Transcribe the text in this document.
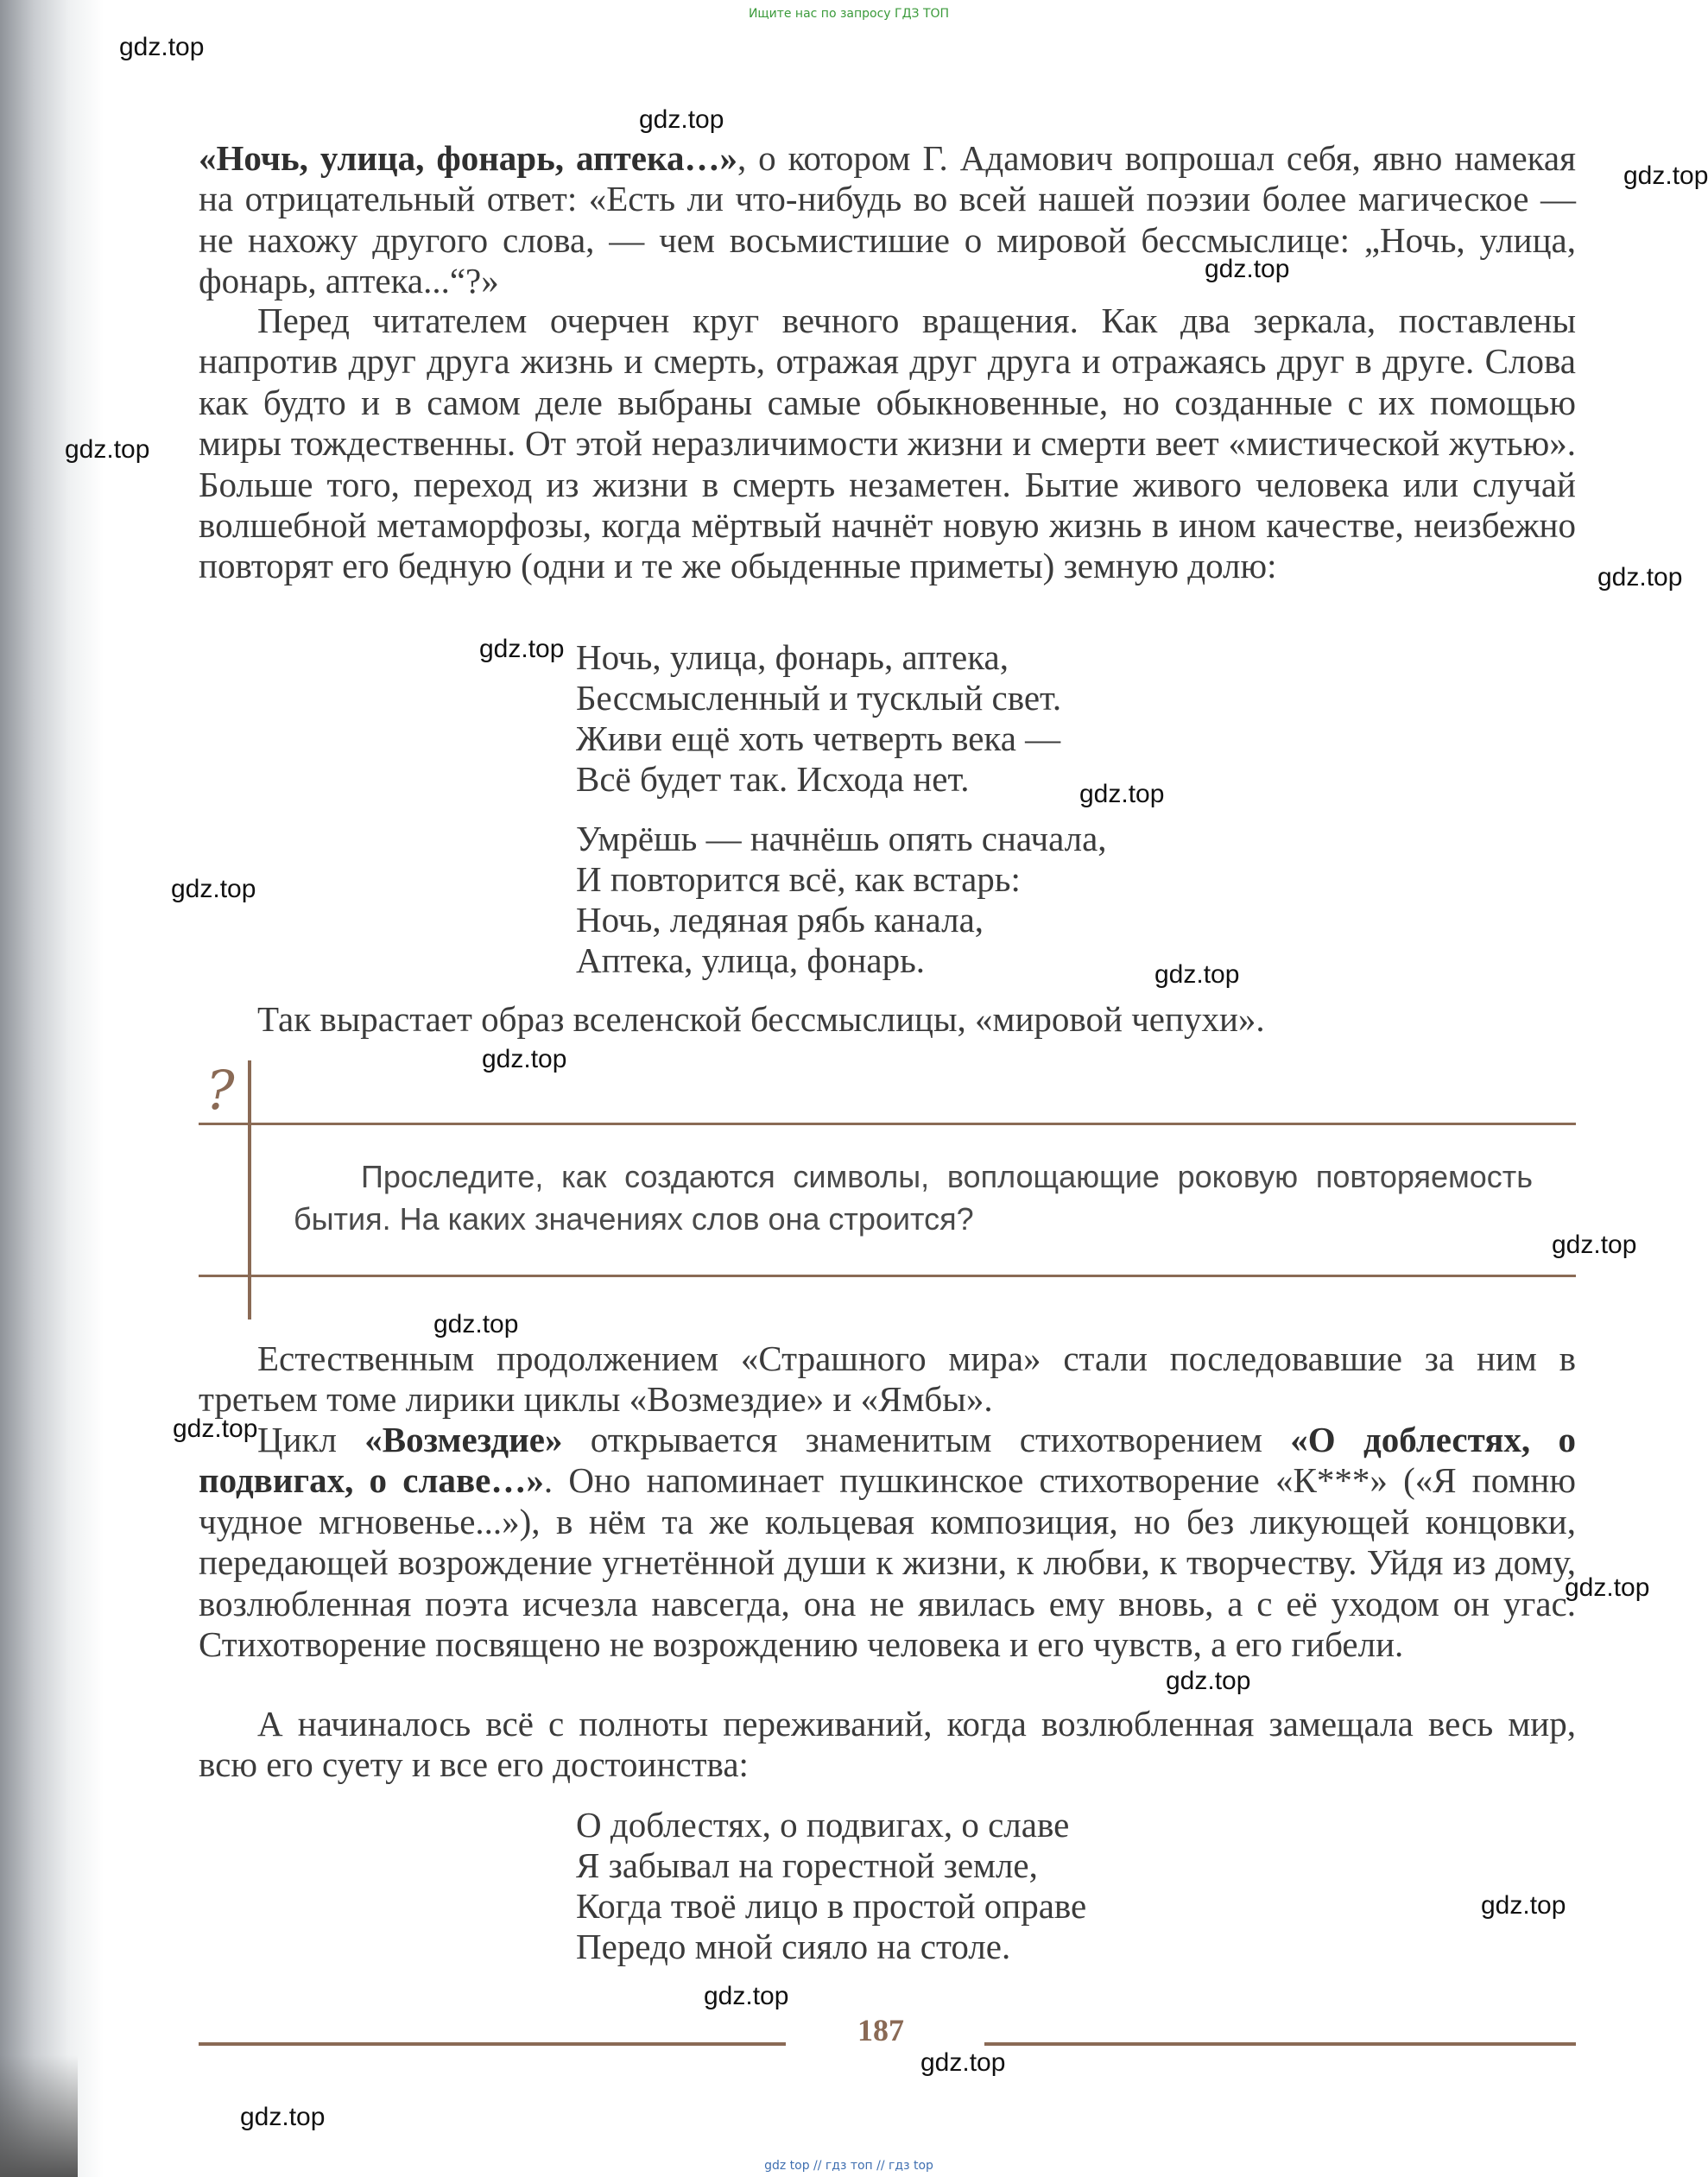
Ищите нас по запросу ГДЗ ТОП

«Ночь, улица, фонарь, аптека…», о котором Г. Адамович вопрошал себя, явно намекая на отрицательный ответ: «Есть ли что-нибудь во всей нашей поэзии более магическое — не нахожу другого слова, — чем восьмистишие о мировой бессмыслице: „Ночь, улица, фонарь, аптека...“?»

Перед читателем очерчен круг вечного вращения. Как два зеркала, поставлены напротив друг друга жизнь и смерть, отражая друг друга и отражаясь друг в друге. Слова как будто и в самом деле выбраны самые обыкновенные, но созданные с их помощью миры тождественны. От этой неразличимости жизни и смерти веет «мистической жутью». Больше того, переход из жизни в смерть незаметен. Бытие живого человека или случай волшебной метаморфозы, когда мёртвый начнёт новую жизнь в ином качестве, неизбежно повторят его бедную (одни и те же обыденные приметы) земную долю:

Ночь, улица, фонарь, аптека,
Бессмысленный и тусклый свет.
Живи ещё хоть четверть века —
Всё будет так. Исхода нет.
Умрёшь — начнёшь опять сначала,
И повторится всё, как встарь:
Ночь, ледяная рябь канала,
Аптека, улица, фонарь.

Так вырастает образ вселенской бессмыслицы, «мировой чепухи».

?

Проследите, как создаются символы, воплощающие роковую повторяемость бытия. На каких значениях слов она строится?

Естественным продолжением «Страшного мира» стали последовавшие за ним в третьем томе лирики циклы «Возмездие» и «Ямбы».

Цикл «Возмездие» открывается знаменитым стихотворением «О доблестях, о подвигах, о славе…». Оно напоминает пушкинское стихотворение «К***» («Я помню чудное мгновенье...»), в нём та же кольцевая композиция, но без ликующей концовки, передающей возрождение угнетённой души к жизни, к любви, к творчеству. Уйдя из дому, возлюбленная поэта исчезла навсегда, она не явилась ему вновь, а с её уходом он угас. Стихотворение посвящено не возрождению человека и его чувств, а его гибели.

А начиналось всё с полноты переживаний, когда возлюбленная замещала весь мир, всю его суету и все его достоинства:

О доблестях, о подвигах, о славе
Я забывал на горестной земле,
Когда твоё лицо в простой оправе
Передо мной сияло на столе.
187
gdz.top
gdz.top
gdz.top
gdz.top
gdz.top
gdz.top
gdz.top
gdz.top
gdz.top
gdz.top
gdz.top
gdz.top
gdz.top
gdz.top
gdz.top
gdz.top
gdz.top
gdz.top
gdz.top
gdz.top
gdz top // гдз топ // гдз top
